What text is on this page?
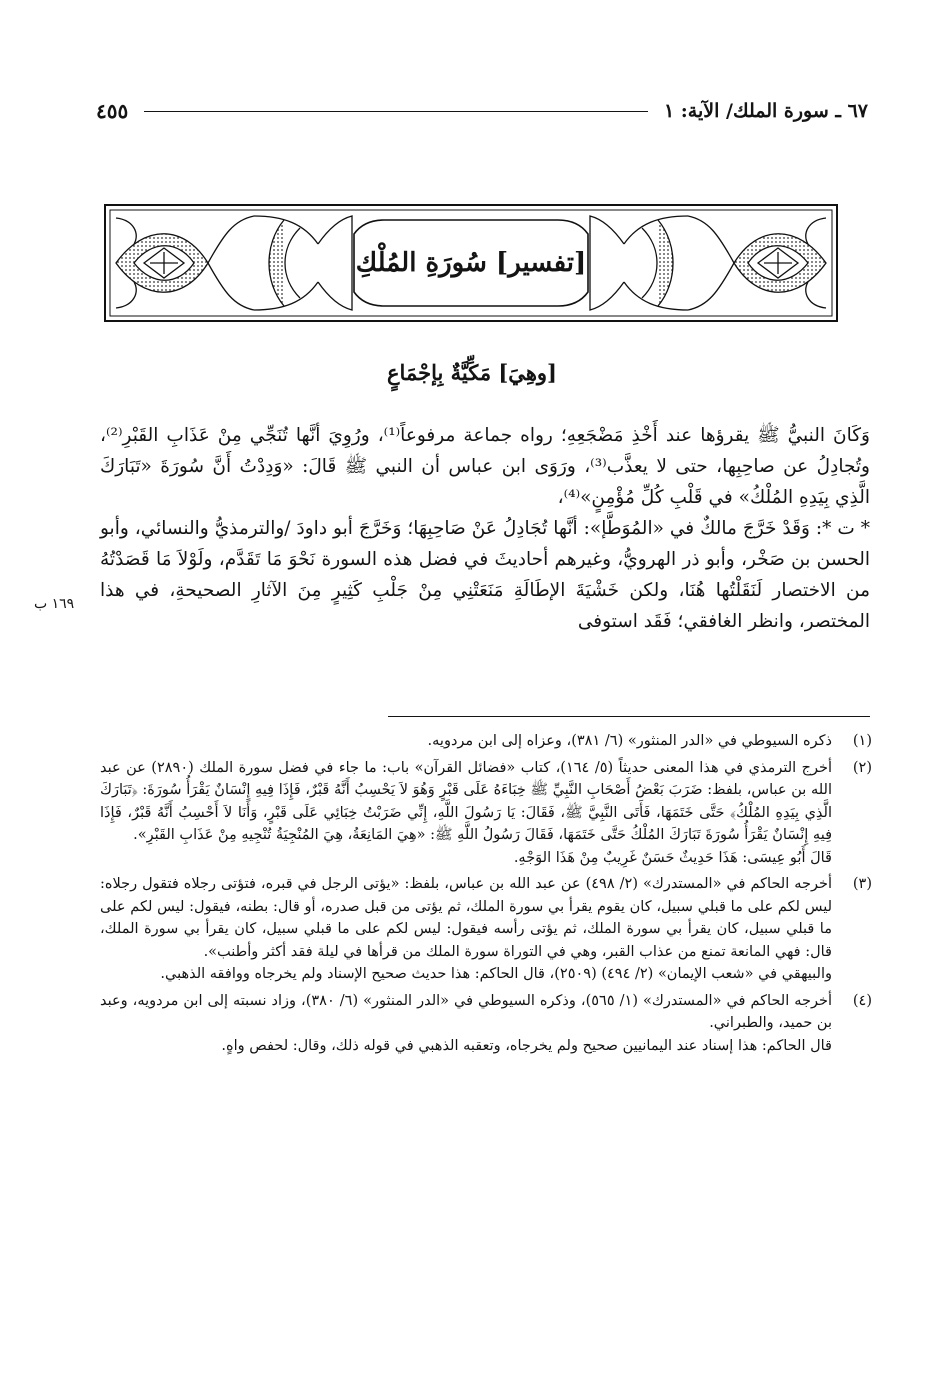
٦٧ ـ سورة الملك/ الآية: ١
٤٥٥
[تفسير] سُورَةِ المُلْكِ
[وهِيَ] مَكِّيَّةٌ بِإجْمَاعٍ

وَكَانَ النبيُّ ﷺ يقرؤها عند أَخْذِ مَضْجَعِهِ؛ رواه جماعة مرفوعاً⁽¹⁾، ورُوِيَ أنَّها تُنَجِّي مِنْ عَذَابِ القَبْرِ⁽²⁾، وتُجادِلُ عن صاحِبِها، حتى لا يعذَّب⁽³⁾، ورَوَى ابن عباس أن النبي ﷺ قَالَ: «وَدِدْتُ أَنَّ سُورَةَ «تَبَارَكَ الَّذِي بِيَدِهِ المُلْكُ» في قَلْبِ كُلِّ مُؤْمِنٍ»⁽⁴⁾،

* ت *: وَقَدْ خَرَّجَ مالكٌ في «المُوَطَّإ»: أنَّها تُجَادِلُ عَنْ صَاحِبِهَا؛ وَخَرَّجَ أبو داودَ /والترمذيُّ والنسائي، وأبو الحسن بن صَخْر، وأبو ذر الهرويُّ، وغيرهم أحاديثَ في فضل هذه السورة نَحْوَ مَا تَقَدَّم، ولَوْلاَ مَا قَصَدْتُهُ من الاختصار لَنَقَلْتُها هُنَا، ولكن خَشْيَةَ الإطَالَةِ مَنَعَتْنِي مِنْ جَلْبِ كَثِيرٍ مِنَ الآثارِ الصحيحةِ، في هذا المختصر، وانظر الغافقي؛ فَقَد استوفى

١٦٩ ب
(١)

ذكره السيوطي في «الدر المنثور» (٦/ ٣٨١)، وعزاه إلى ابن مردويه.

(٢)

أخرج الترمذي في هذا المعنى حديثاً (٥/ ١٦٤)، كتاب «فضائل القرآن» باب: ما جاء في فضل سورة الملك (٢٨٩٠) عن عبد الله بن عباس، بلفظ: ضَرَبَ بَعْضُ أَصْحَابِ النَّبِيِّ ﷺ خِبَاءَهُ عَلَى قَبْرٍ وَهُوَ لاَ يَحْسِبُ أَنَّهُ قَبْرٌ، فَإِذَا فِيهِ إِنْسَانٌ يَقْرَأُ سُورَةَ: ﴿تَبَارَكَ الَّذِي بِيَدِهِ المُلْكُ﴾ حَتَّى خَتَمَهَا، فَأَتَى النَّبِيَّ ﷺ، فَقَالَ: يَا رَسُولَ اللَّهِ، إِنِّي ضَرَبْتُ خِبَائِي عَلَى قَبْرٍ، وَأَنَا لاَ أَحْسِبُ أَنَّهُ قَبْرٌ، فَإِذَا فِيهِ إِنْسَانٌ يَقْرَأُ سُورَةَ تَبَارَكَ المُلْكُ حَتَّى خَتَمَهَا، فَقَالَ رَسُولُ اللَّهِ ﷺ: «هِيَ المَانِعَةُ، هِيَ المُنْجِيَةُ تُنْجِيهِ مِنْ عَذَابِ القَبْرِ».

قَالَ أَبُو عِيسَى: هَذَا حَدِيثٌ حَسَنٌ غَرِيبٌ مِنْ هَذَا الوَجْهِ.

(٣)

أخرجه الحاكم في «المستدرك» (٢/ ٤٩٨) عن عبد الله بن عباس، بلفظ: «يؤتى الرجل في قبره، فتؤتى رجلاه فتقول رجلاه: ليس لكم على ما قبلي سبيل، كان يقوم يقرأ بي سورة الملك، ثم يؤتى من قبل صدره، أو قال: بطنه، فيقول: ليس لكم على ما قبلي سبيل، كان يقرأ بي سورة الملك، ثم يؤتى رأسه فيقول: ليس لكم على ما قبلي سبيل، كان يقرأ بي سورة الملك، قال: فهي المانعة تمنع من عذاب القبر، وهي في التوراة سورة الملك من قرأها في ليلة فقد أكثر وأطنب».

والبيهقي في «شعب الإيمان» (٢/ ٤٩٤) (٢٥٠٩)، قال الحاكم: هذا حديث صحيح الإسناد ولم يخرجاه ووافقه الذهبي.

(٤)

أخرجه الحاكم في «المستدرك» (١/ ٥٦٥)، وذكره السيوطي في «الدر المنثور» (٦/ ٣٨٠)، وزاد نسبته إلى ابن مردويه، وعبد بن حميد، والطبراني.

قال الحاكم: هذا إسناد عند اليمانيين صحيح ولم يخرجاه، وتعقبه الذهبي في قوله ذلك، وقال: لحفص واهٍ.
